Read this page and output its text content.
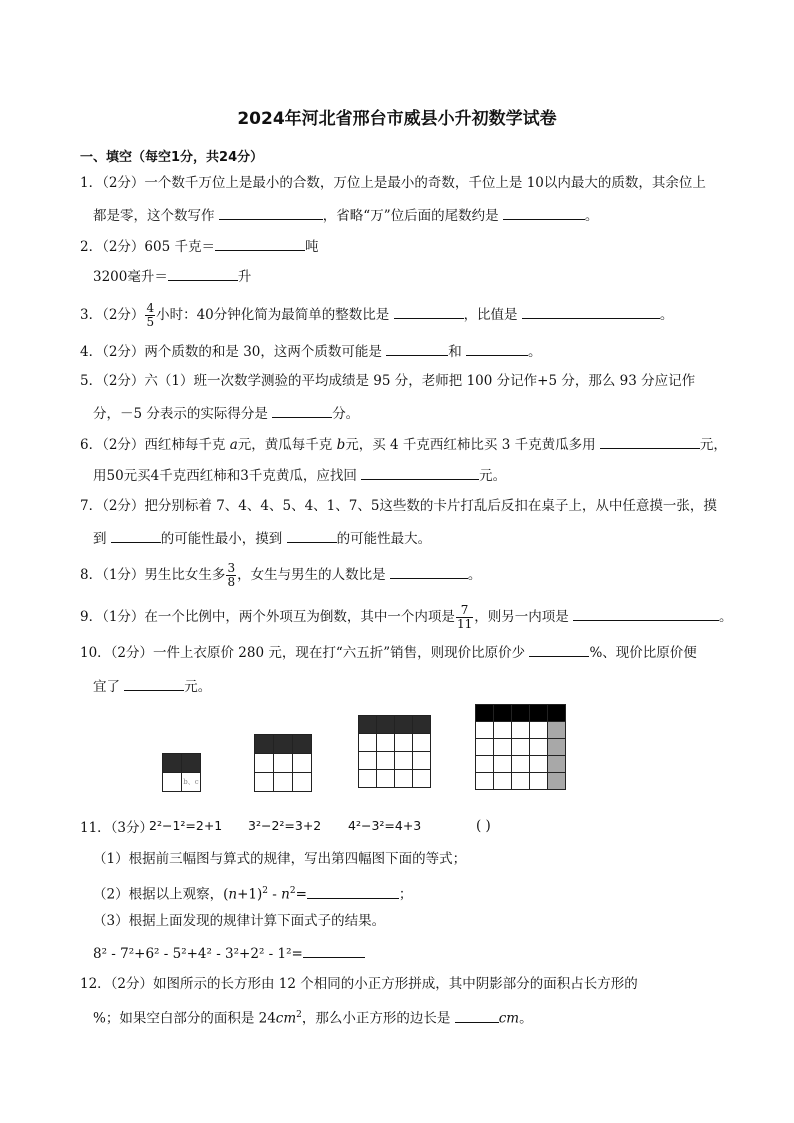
2024年河北省邢台市威县小升初数学试卷
一、填空（每空1分，共24分）
1．（2分）一个数千万位上是最小的合数，万位上是最小的奇数，千位上是 10以内最大的质数，其余位上
都是零，这个数写作	，省略“万”位后面的尾数约是	。
2．（2分）605 千克＝	吨
3200毫升＝	升
3．（2分） $\frac{4}{5}$ 小时：40分钟化简为最简单的整数比是	，比值是	。
4．（2分）两个质数的和是 30，这两个质数可能是	和	。
5．（2分）六（1）班一次数学测验的平均成绩是 95 分，老师把 100 分记作+5 分，那么 93 分应记作
分，－5 分表示的实际得分是	分。
6．（2分）西红柿每千克 a元，黄瓜每千克 b元，买 4 千克西红柿比买 3 千克黄瓜多用	元，
用50元买4千克西红柿和3千克黄瓜，应找回	元。
7．（2分）把分别标着 7、4、4、5、4、1、7、5这些数的卡片打乱后反扣在桌子上，从中任意摸一张，摸
到	的可能性最小，摸到	的可能性最大。
8．（1分）男生比女生多 $\frac{3}{8}$ ，女生与男生的人数比是	。
9．（1分）在一个比例中，两个外项互为倒数，其中一个内项是 $\frac{7}{11}$ ，则另一内项是	。
10．（2分）一件上衣原价 280 元，现在打“六五折”销售，则现价比原价少	%、现价比原价便
宜了	元。

	b、c

11．（3分）
2²−1²=2+1 3²−2²=3+2 4²−3²=4+3	( )
（1）根据前三幅图与算式的规律，写出第四幅图下面的等式；
（2）根据以上观察，$(n+1)^2 - n^2=$	；
（3）根据上面发现的规律计算下面式子的结果。
8² - 7²+6² - 5²+4² - 3²+2² - 1²=
12．（2分）如图所示的长方形由 12 个相同的小正方形拼成，其中阴影部分的面积占长方形的
%；如果空白部分的面积是 $24cm^2$，那么小正方形的边长是	cm。
